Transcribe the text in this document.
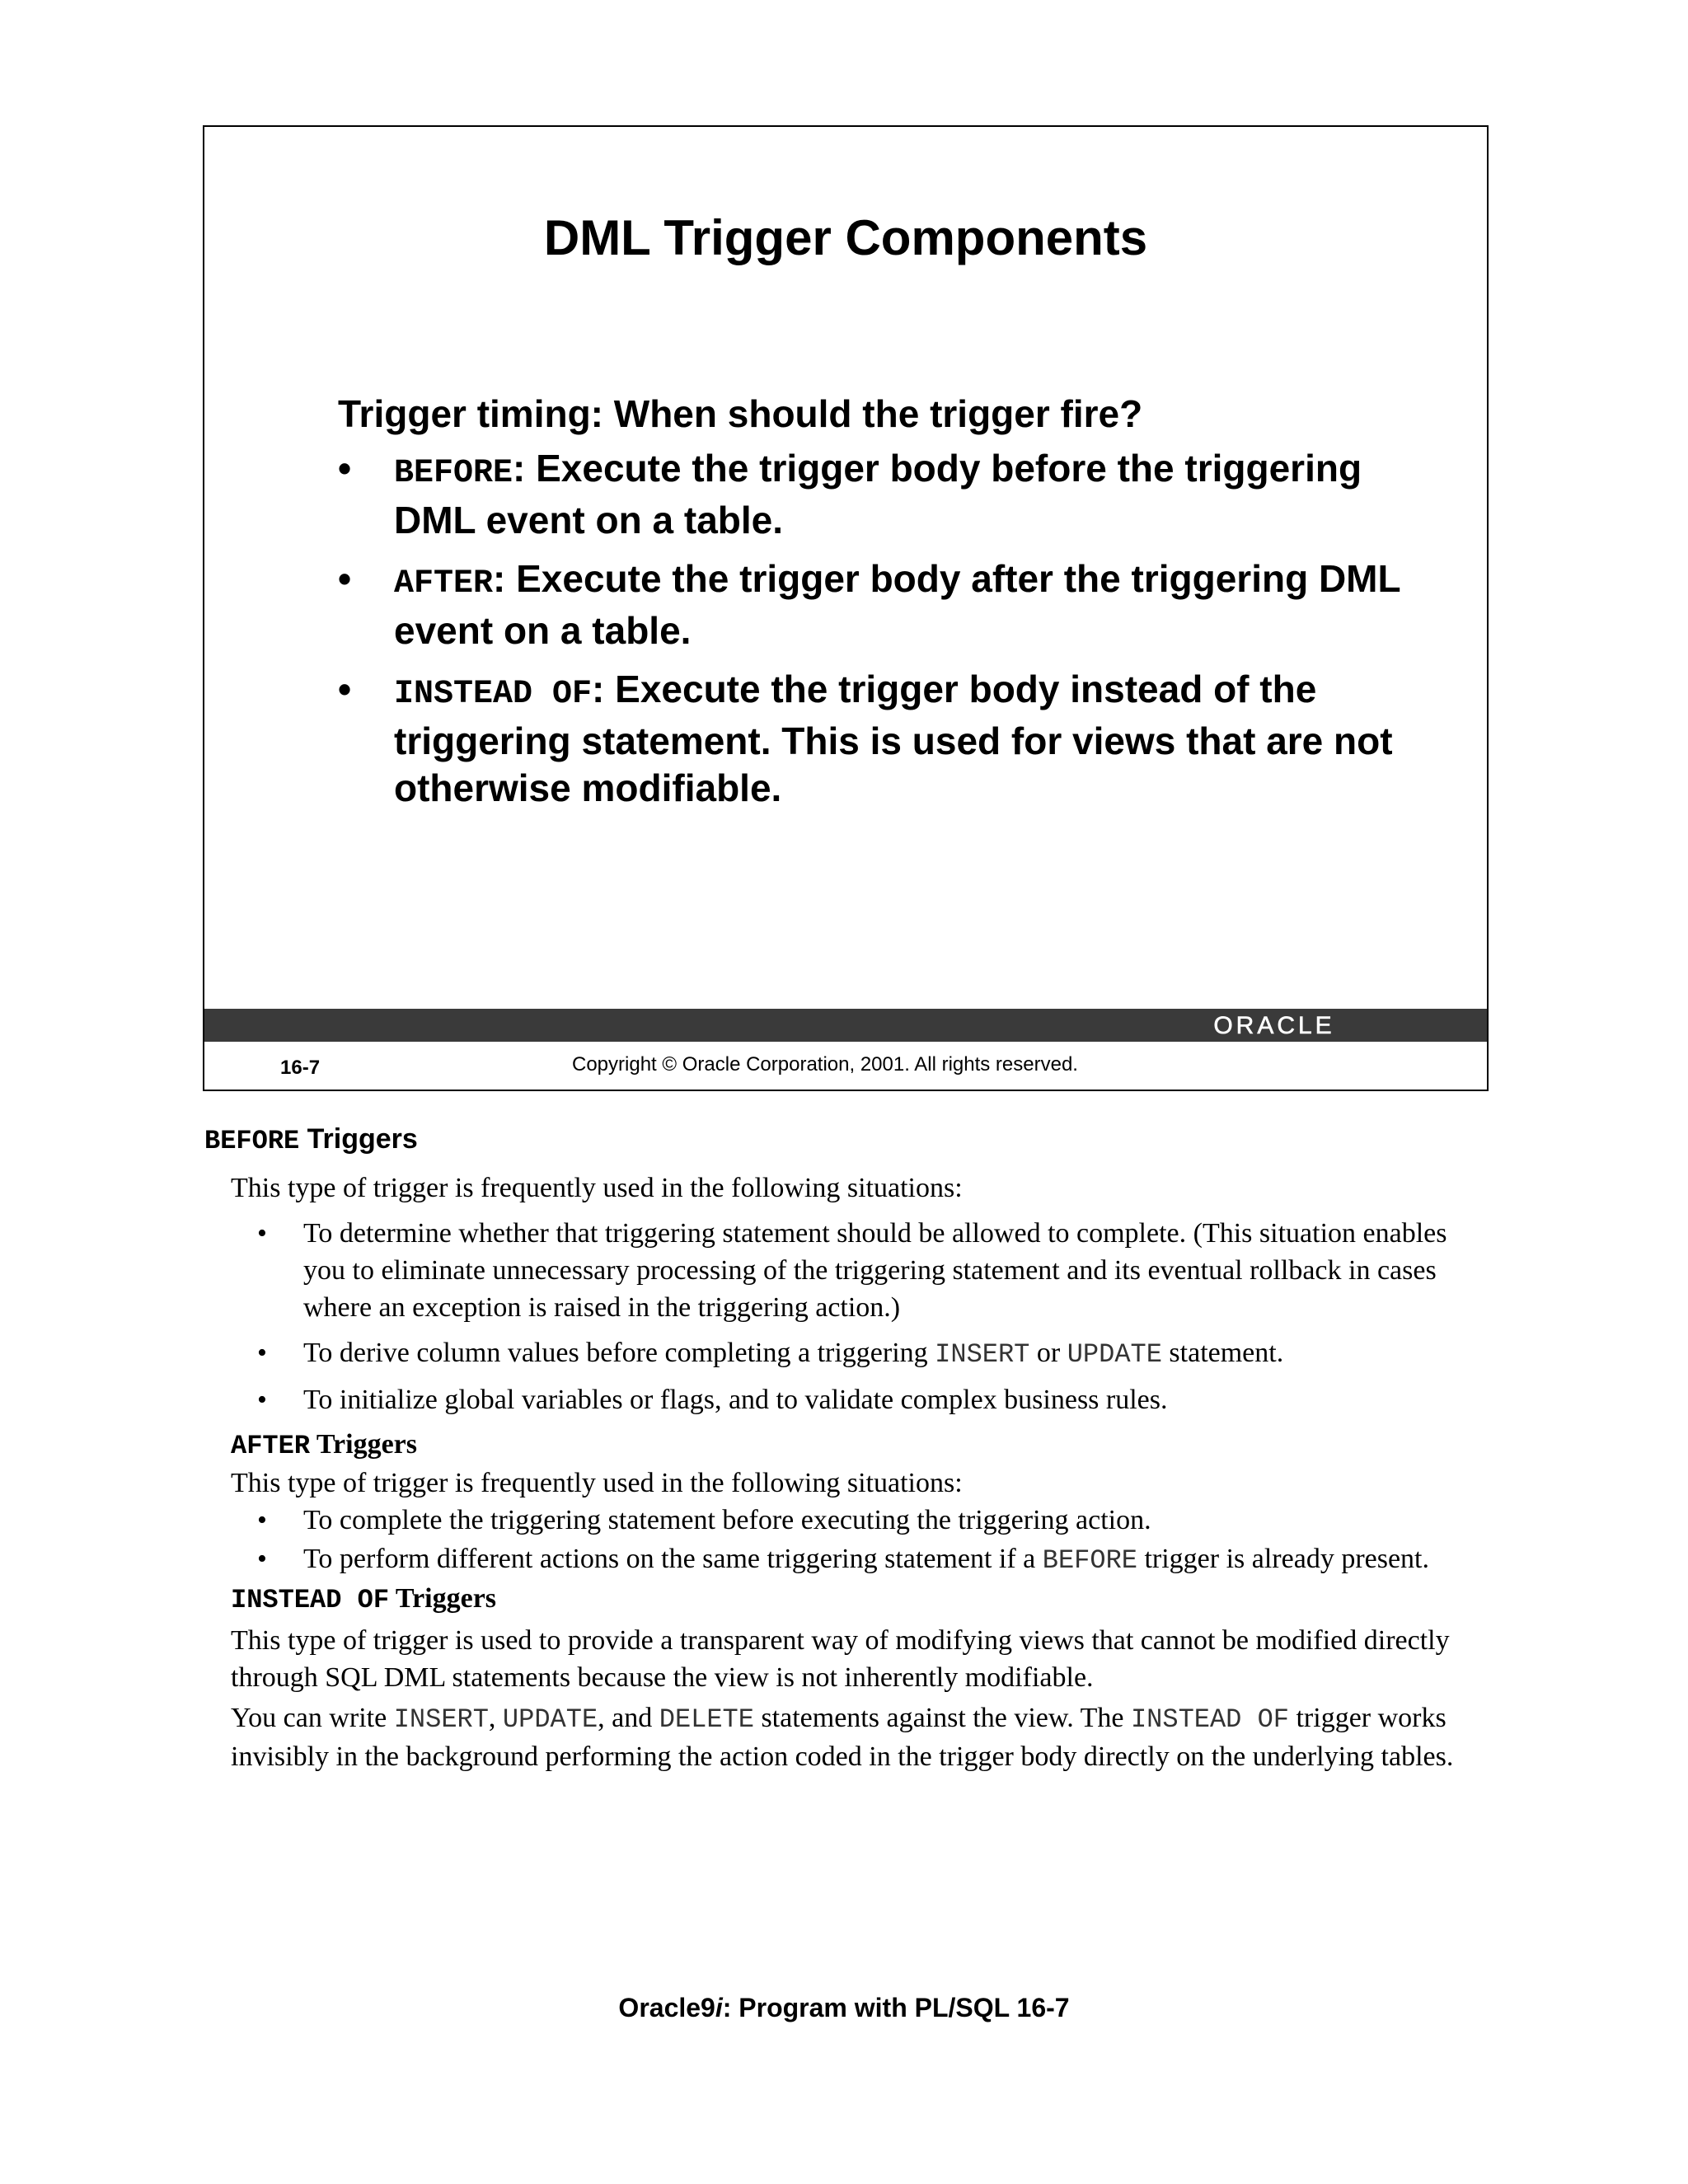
DML Trigger Components
Trigger timing: When should the trigger fire?
• BEFORE: Execute the trigger body before the triggering DML event on a table.
• AFTER: Execute the trigger body after the triggering DML event on a table.
• INSTEAD OF: Execute the trigger body instead of the triggering statement. This is used for views that are not otherwise modifiable.
ORACLE
16-7	Copyright © Oracle Corporation, 2001. All rights reserved.

BEFORE Triggers

This type of trigger is frequently used in the following situations:

• To determine whether that triggering statement should be allowed to complete. (This situation enables you to eliminate unnecessary processing of the triggering statement and its eventual rollback in cases where an exception is raised in the triggering action.)
• To derive column values before completing a triggering INSERT or UPDATE statement.
• To initialize global variables or flags, and to validate complex business rules.

AFTER Triggers

This type of trigger is frequently used in the following situations:

• To complete the triggering statement before executing the triggering action.
• To perform different actions on the same triggering statement if a BEFORE trigger is already present.

INSTEAD OF Triggers

This type of trigger is used to provide a transparent way of modifying views that cannot be modified directly through SQL DML statements because the view is not inherently modifiable.

You can write INSERT, UPDATE, and DELETE statements against the view. The INSTEAD OF trigger works invisibly in the background performing the action coded in the trigger body directly on the underlying tables.

Oracle9i: Program with PL/SQL 16-7
